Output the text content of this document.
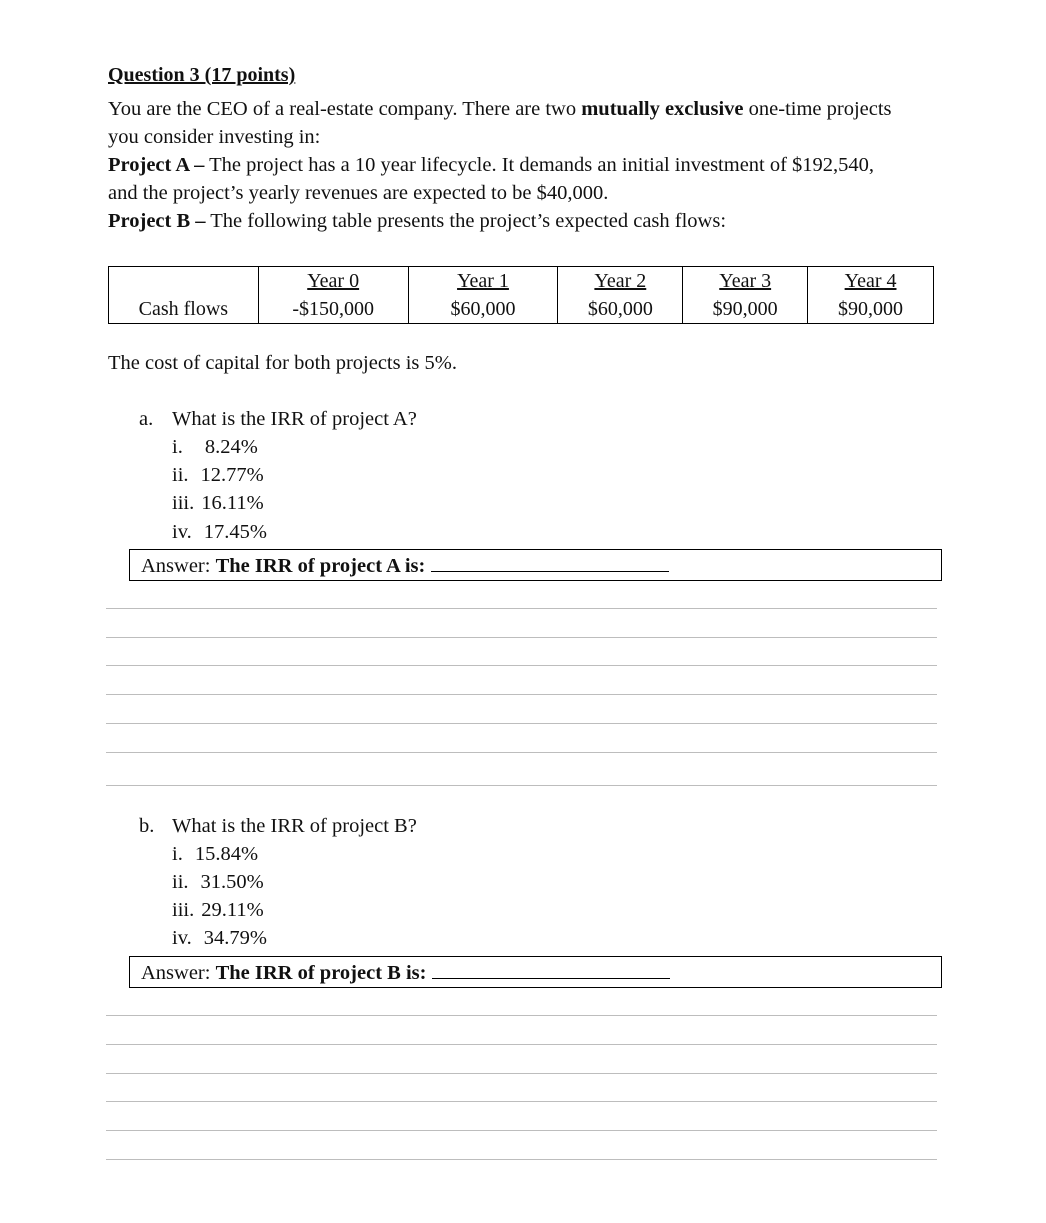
Question 3 (17 points)
You are the CEO of a real-estate company. There are two mutually exclusive one-time projects
you consider investing in:
Project A – The project has a 10 year lifecycle. It demands an initial investment of $192,540,
and the project’s yearly revenues are expected to be $40,000.
Project B – The following table presents the project’s expected cash flows:
	Year 0	Year 1	Year 2	Year 3	Year 4
Cash flows	-$150,000	$60,000	$60,000	$90,000	$90,000
The cost of capital for both projects is 5%.
a. What is the IRR of project A?
i. 8.24%
ii. 12.77%
iii. 16.11%
iv. 17.45%
Answer: The IRR of project A is:
b. What is the IRR of project B?
i. 15.84%
ii. 31.50%
iii. 29.11%
iv. 34.79%
Answer: The IRR of project B is:
